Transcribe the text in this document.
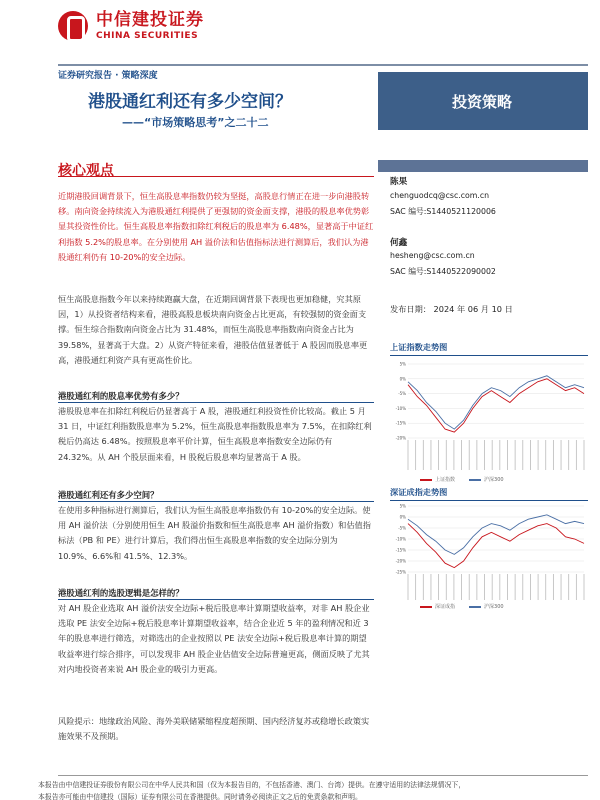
中信建投证券
CHINA SECURITIES
证券研究报告 · 策略深度
港股通红利还有多少空间？
——“市场策略思考”之二十二
投资策略
核心观点
近期港股回调背景下，恒生高股息率指数仍较为坚挺，高股息行情正在进一步向港股转移。南向资金持续流入为港股通红利提供了更强韧的资金面支撑，港股的股息率优势彰显其投资性价比。恒生高股息率指数扣除红利税后的股息率为 6.48%，显著高于中证红利指数 5.2%的股息率。在分别使用 AH 溢价法和估值指标法进行测算后，我们认为港股通红利仍有 10-20%的安全边际。
恒生高股息指数今年以来持续跑赢大盘，在近期回调背景下表现也更加稳健，究其原因，1）从投资者结构来看，港股高股息板块南向资金占比更高，有较强韧的资金面支撑。恒生综合指数南向资金占比为 31.48%，而恒生高股息率指数南向资金占比为 39.58%，显著高于大盘。2）从资产特征来看，港股估值显著低于 A 股因而股息率更高，港股通红利资产具有更高性价比。
港股通红利的股息率优势有多少？
港股股息率在扣除红利税后仍显著高于 A 股，港股通红利投资性价比较高。截止 5 月 31 日，中证红利指数股息率为 5.2%，恒生高股息率指数股息率为 7.5%，在扣除红利税后仍高达 6.48%。按照股息率平价计算，恒生高股息率指数安全边际仍有 24.32%。从 AH 个股层面来看，H 股税后股息率均显著高于 A 股。
港股通红利还有多少空间？
在使用多种指标进行测算后，我们认为恒生高股息率指数仍有 10-20%的安全边际。使用 AH 溢价法（分别使用恒生 AH 股溢价指数和恒生高股息率 AH 溢价指数）和估值指标法（PB 和 PE）进行计算后，我们得出恒生高股息率指数的安全边际分别为 10.9%、6.6%和 41.5%、12.3%。
港股通红利的选股逻辑是怎样的？
对 AH 股企业选取 AH 溢价法安全边际+税后股息率计算期望收益率，对非 AH 股企业选取 PE 法安全边际+税后股息率计算期望收益率，结合企业近 5 年的盈利情况和近 3 年的股息率进行筛选，对筛选出的企业按照以 PE 法安全边际+税后股息率计算的期望收益率进行综合排序，可以发现非 AH 股企业估值安全边际普遍更高，侧面反映了尤其对内地投资者来说 AH 股企业的吸引力更高。
风险提示：地缘政治风险、海外美联储紧缩程度超预期、国内经济复苏或稳增长政策实施效果不及预期。
陈果
chenguodcq@csc.com.cn
SAC 编号:S1440521120006
何鑫
hesheng@csc.com.cn
SAC 编号:S1440522090002
发布日期： 2024 年 06 月 10 日
上证指数走势图
5%
0%
-5%
-10%
-15%
-20%
上证指数	沪深300
深证成指走势图
5%
0%
-5%
-10%
-15%
-20%
-25%
深证成指	沪深300
本报告由中信建投证券股份有限公司在中华人民共和国（仅为本报告目的，不包括香港、澳门、台湾）提供。在遵守适用的法律法规情况下，
本报告亦可能由中信建投（国际）证券有限公司在香港提供。同时请务必阅读正文之后的免责条款和声明。
